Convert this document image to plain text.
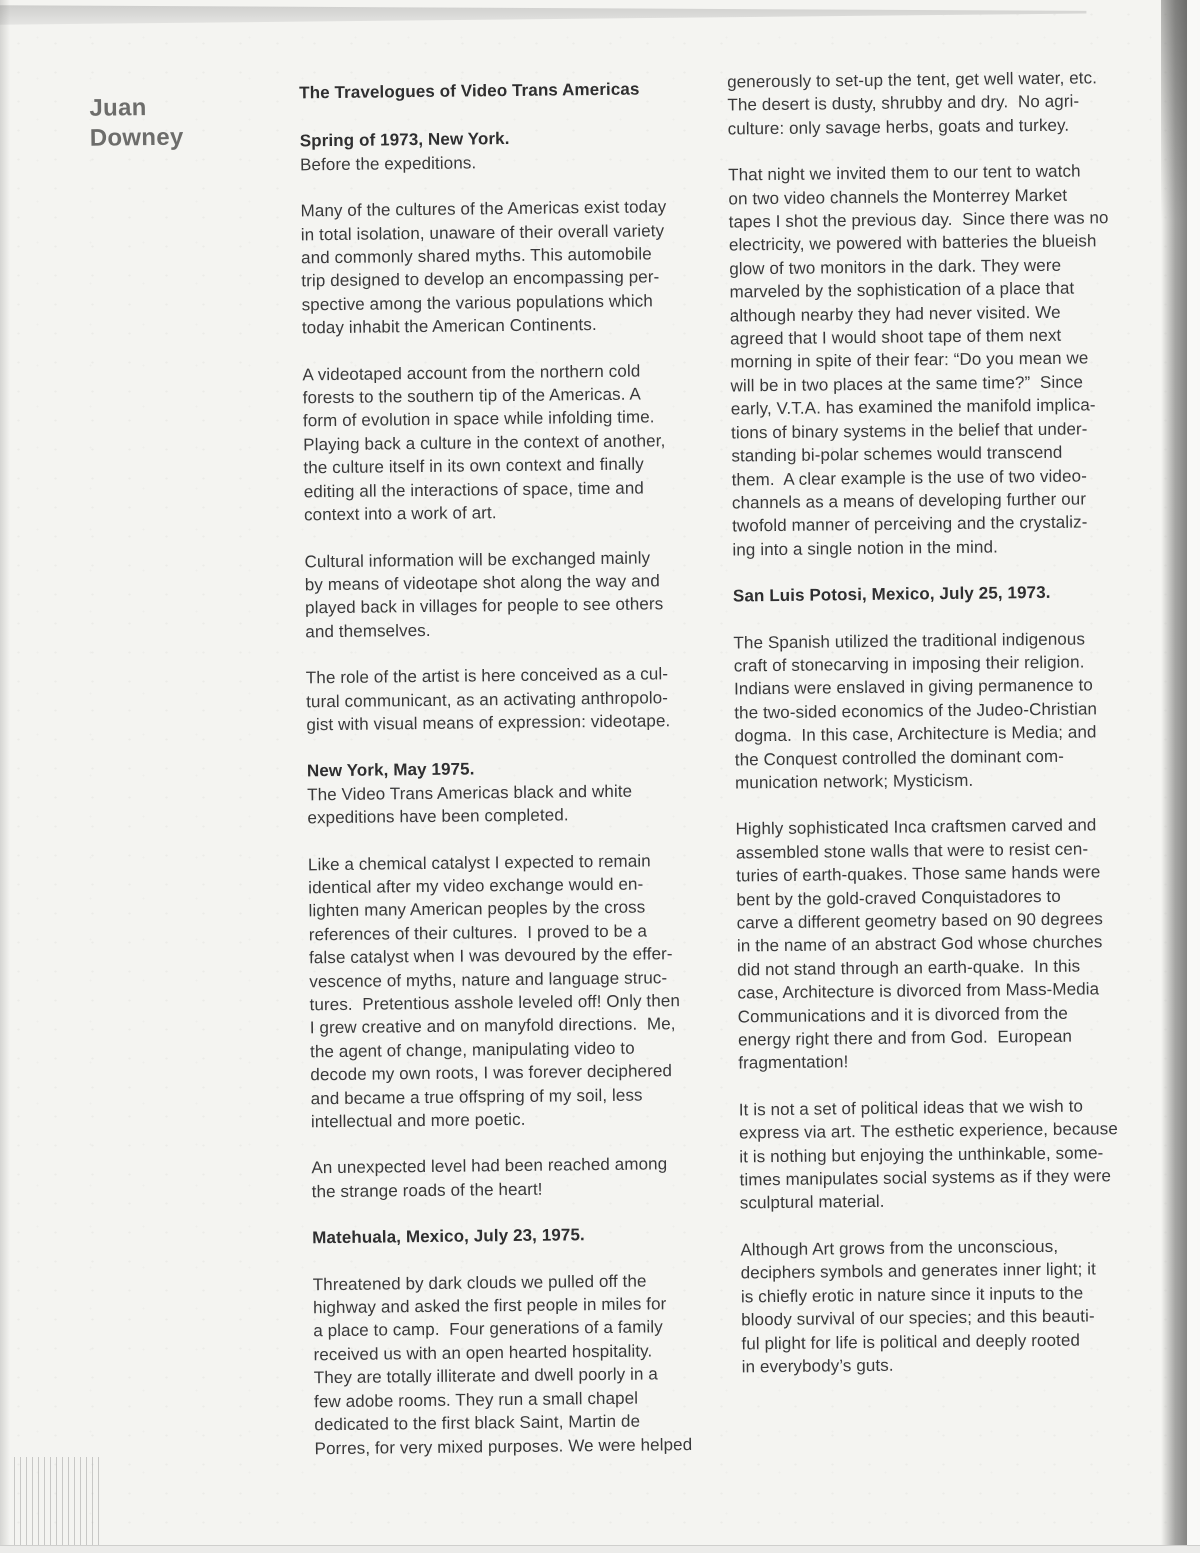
Juan
Downey
The Travelogues of Video Trans Americas
Spring of 1973, New York.
Before the expeditions.
Many of the cultures of the Americas exist today
in total isolation, unaware of their overall variety
and commonly shared myths. This automobile
trip designed to develop an encompassing per-
spective among the various populations which
today inhabit the American Continents.
A videotaped account from the northern cold
forests to the southern tip of the Americas. A
form of evolution in space while infolding time.
Playing back a culture in the context of another,
the culture itself in its own context and finally
editing all the interactions of space, time and
context into a work of art.
Cultural information will be exchanged mainly
by means of videotape shot along the way and
played back in villages for people to see others
and themselves.
The role of the artist is here conceived as a cul-
tural communicant, as an activating anthropolo-
gist with visual means of expression: videotape.
New York, May 1975.
The Video Trans Americas black and white
expeditions have been completed.
Like a chemical catalyst I expected to remain
identical after my video exchange would en-
lighten many American peoples by the cross
references of their cultures.  I proved to be a
false catalyst when I was devoured by the effer-
vescence of myths, nature and language struc-
tures.  Pretentious asshole leveled off! Only then
I grew creative and on manyfold directions.  Me,
the agent of change, manipulating video to
decode my own roots, I was forever deciphered
and became a true offspring of my soil, less
intellectual and more poetic.
An unexpected level had been reached among
the strange roads of the heart!
Matehuala, Mexico, July 23, 1975.
Threatened by dark clouds we pulled off the
highway and asked the first people in miles for
a place to camp.  Four generations of a family
received us with an open hearted hospitality.
They are totally illiterate and dwell poorly in a
few adobe rooms. They run a small chapel
dedicated to the first black Saint, Martin de
Porres, for very mixed purposes. We were helped
generously to set-up the tent, get well water, etc.
The desert is dusty, shrubby and dry.  No agri-
culture: only savage herbs, goats and turkey.
That night we invited them to our tent to watch
on two video channels the Monterrey Market
tapes I shot the previous day.  Since there was no
electricity, we powered with batteries the blueish
glow of two monitors in the dark. They were
marveled by the sophistication of a place that
although nearby they had never visited. We
agreed that I would shoot tape of them next
morning in spite of their fear: “Do you mean we
will be in two places at the same time?”  Since
early, V.T.A. has examined the manifold implica-
tions of binary systems in the belief that under-
standing bi-polar schemes would transcend
them.  A clear example is the use of two video-
channels as a means of developing further our
twofold manner of perceiving and the crystaliz-
ing into a single notion in the mind.
San Luis Potosi, Mexico, July 25, 1973.
The Spanish utilized the traditional indigenous
craft of stonecarving in imposing their religion.
Indians were enslaved in giving permanence to
the two-sided economics of the Judeo-Christian
dogma.  In this case, Architecture is Media; and
the Conquest controlled the dominant com-
munication network; Mysticism.
Highly sophisticated Inca craftsmen carved and
assembled stone walls that were to resist cen-
turies of earth-quakes. Those same hands were
bent by the gold-craved Conquistadores to
carve a different geometry based on 90 degrees
in the name of an abstract God whose churches
did not stand through an earth-quake.  In this
case, Architecture is divorced from Mass-Media
Communications and it is divorced from the
energy right there and from God.  European
fragmentation!
It is not a set of political ideas that we wish to
express via art. The esthetic experience, because
it is nothing but enjoying the unthinkable, some-
times manipulates social systems as if they were
sculptural material.
Although Art grows from the unconscious,
deciphers symbols and generates inner light; it
is chiefly erotic in nature since it inputs to the
bloody survival of our species; and this beauti-
ful plight for life is political and deeply rooted
in everybody’s guts.
